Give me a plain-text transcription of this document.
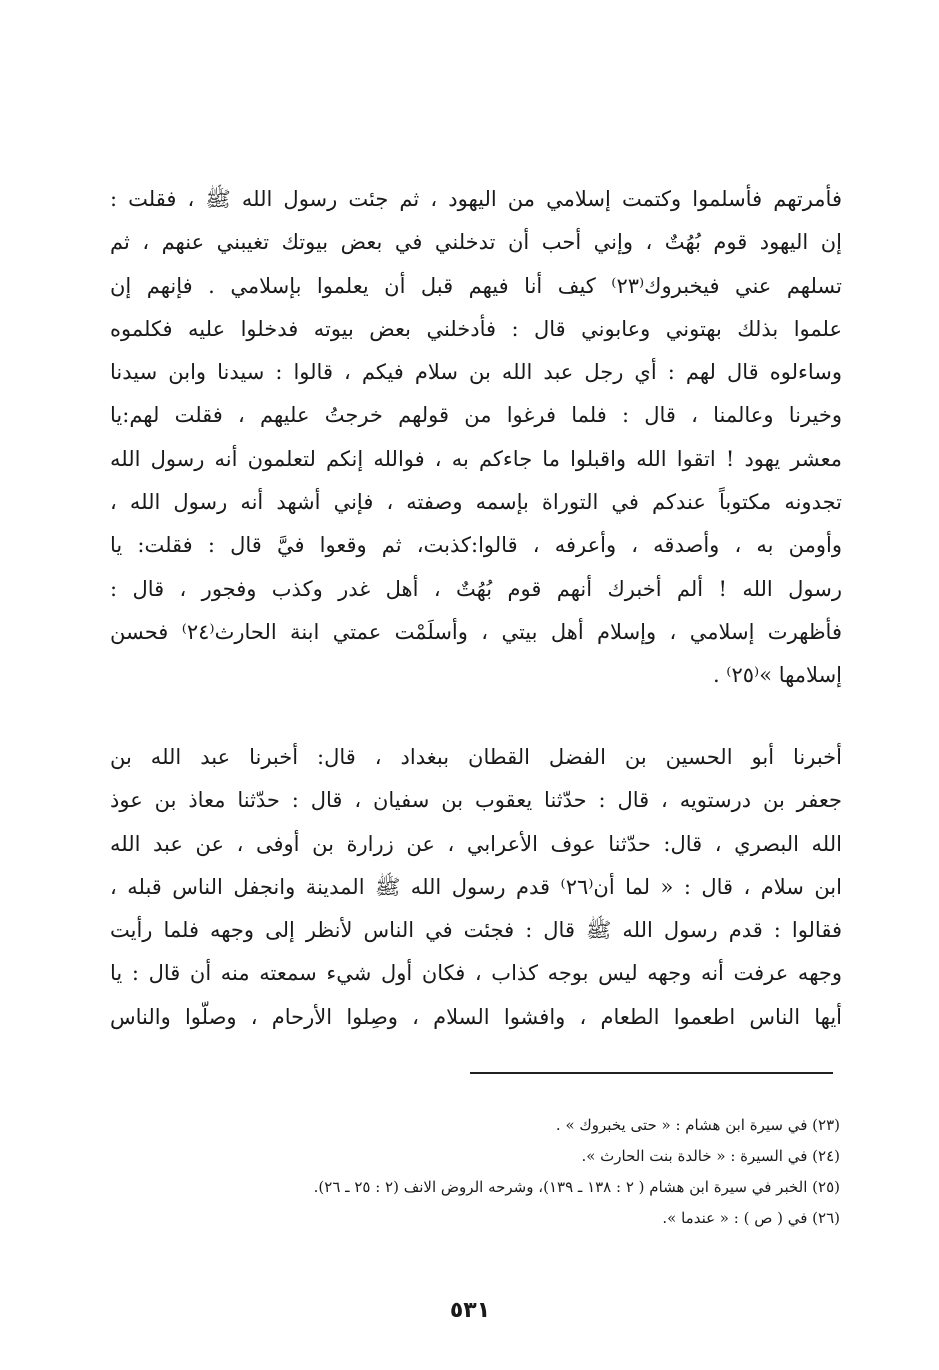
فأمرتهم فأسلموا وكتمت إسلامي من اليهود ، ثم جئت رسول الله ﷺ ، فقلت :
إن اليهود قوم بُهُتٌ ، وإني أحب أن تدخلني في بعض بيوتك تغيبني عنهم ، ثم
تسلهم عني فيخبروك⁽٢٣⁾ كيف أنا فيهم قبل أن يعلموا بإسلامي . فإنهم إن
علموا بذلك بهتوني وعابوني قال : فأدخلني بعض بيوته فدخلوا عليه فكلموه
وساءلوه قال لهم : أي رجل عبد الله بن سلام فيكم ، قالوا : سيدنا وابن سيدنا
وخيرنا وعالمنا ، قال : فلما فرغوا من قولهم خرجتُ عليهم ، فقلت لهم:يا
معشر يهود ! اتقوا الله واقبلوا ما جاءكم به ، فوالله إنكم لتعلمون أنه رسول الله
تجدونه مكتوباً عندكم في التوراة بإسمه وصفته ، فإني أشهد أنه رسول الله ،
وأومن به ، وأصدقه ، وأعرفه ، قالوا:كذبت، ثم وقعوا فيَّ قال : فقلت: يا
رسول الله ! ألم أخبرك أنهم قوم بُهُتٌ ، أهل غدر وكذب وفجور ، قال :
فأظهرت إسلامي ، وإسلام أهل بيتي ، وأسلَمْت عمتي ابنة الحارث⁽٢٤⁾ فحسن
إسلامها »⁽٢٥⁾ .
أخبرنا أبو الحسين بن الفضل القطان ببغداد ، قال: أخبرنا عبد الله بن
جعفر بن درستويه ، قال : حدّثنا يعقوب بن سفيان ، قال : حدّثنا معاذ بن عوذ
الله البصري ، قال: حدّثنا عوف الأعرابي ، عن زرارة بن أوفى ، عن عبد الله
ابن سلام ، قال : « لما أن⁽٢٦⁾ قدم رسول الله ﷺ المدينة وانجفل الناس قبله ،
فقالوا : قدم رسول الله ﷺ قال : فجئت في الناس لأنظر إلى وجهه فلما رأيت
وجهه عرفت أنه وجهه ليس بوجه كذاب ، فكان أول شيء سمعته منه أن قال : يا
أيها الناس اطعموا الطعام ، وافشوا السلام ، وصِلوا الأرحام ، وصلّوا والناس
(٢٣) في سيرة ابن هشام : « حتى يخبروك » .
(٢٤) في السيرة : « خالدة بنت الحارث ».
(٢٥) الخبر في سيرة ابن هشام ( ٢ : ١٣٨ ـ ١٣٩)، وشرحه الروض الانف (٢ : ٢٥ ـ ٢٦).
(٢٦) في ( ص ) : « عندما ».
٥٣١
